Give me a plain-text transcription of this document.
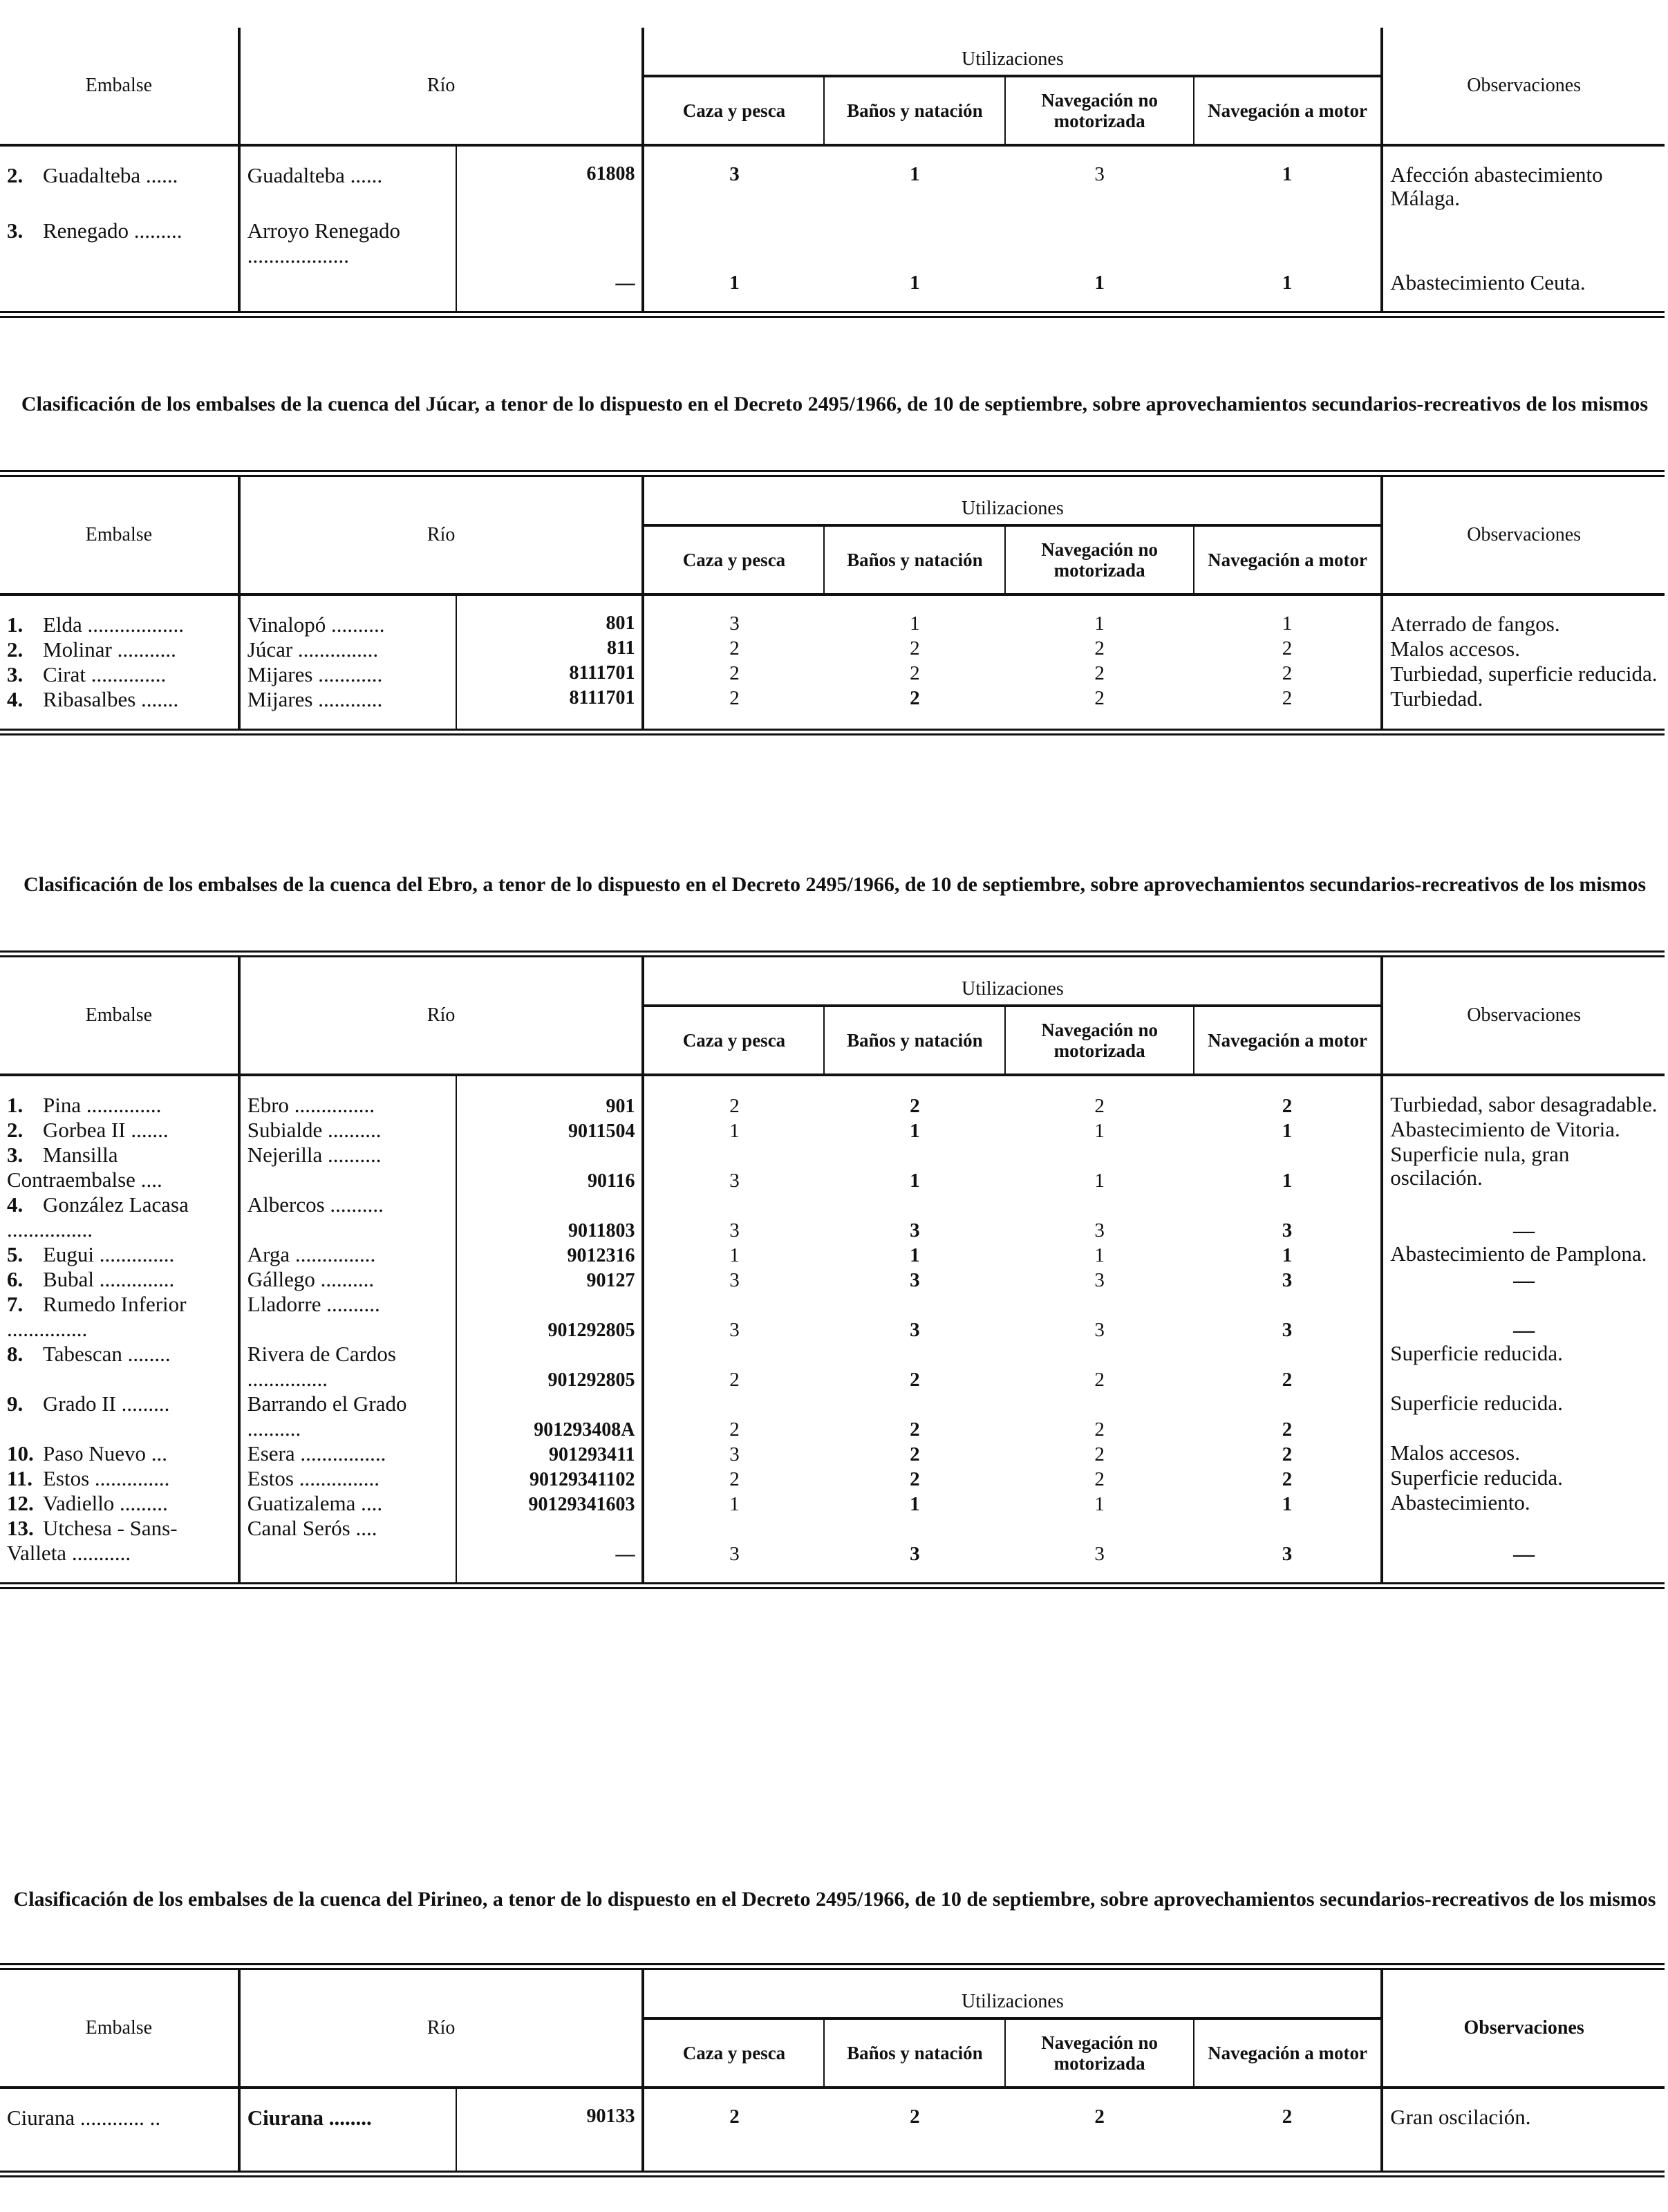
Embalse	Río		Utilizaciones				Observaciones
			Caza y pesca	Baños y natación	Navegación no motorizada	Navegación a motor	

2. Guadalteba ......	Guadalteba ......	61808	3	1	3	1	Afección abastecimiento Málaga.
3. Renegado .........	Arroyo Renegado ...................	—	1	1	1	1	Abastecimiento Ceuta.

Clasificación de los embalses de la cuenca del Júcar, a tenor de lo dispuesto en el Decreto 2495/1966, de 10 de septiembre, sobre aprovechamientos secundarios-recreativos de los mismos
Embalse	Río		Utilizaciones				Observaciones
			Caza y pesca	Baños y natación	Navegación no motorizada	Navegación a motor	

1. Elda ..................	Vinalopó ..........	801	3	1	1	1	Aterrado de fangos.
2. Molinar ...........	Júcar ...............	811	2	2	2	2	Malos accesos.
3. Cirat ..............	Mijares ............	8111701	2	2	2	2	Turbiedad, superficie reducida.
4. Ribasalbes .......	Mijares ............	8111701	2	2	2	2	Turbiedad.

Clasificación de los embalses de la cuenca del Ebro, a tenor de lo dispuesto en el Decreto 2495/1966, de 10 de septiembre, sobre aprovechamientos secundarios-recreativos de los mismos
Embalse	Río		Utilizaciones				Observaciones
			Caza y pesca	Baños y natación	Navegación no motorizada	Navegación a motor	

1. Pina ..............	Ebro ...............	901	2	2	2	2	Turbiedad, sabor desagradable.
2. Gorbea II .......	Subialde ..........	9011504	1	1	1	1	Abastecimiento de Vitoria.
3. Mansilla Contraembalse ....	Nejerilla ..........	90116	3	1	1	1	Superficie nula, gran oscilación.
4. González Lacasa ................	Albercos ..........	9011803	3	3	3	3	—
5. Eugui ..............	Arga ...............	9012316	1	1	1	1	Abastecimiento de Pamplona.
6. Bubal ..............	Gállego ..........	90127	3	3	3	3	—
7. Rumedo Inferior ...............	Lladorre ..........	901292805	3	3	3	3	—
8. Tabescan ........	Rivera de Cardos ...............	901292805	2	2	2	2	Superficie reducida.
9. Grado II .........	Barrando el Grado ..........	901293408A	2	2	2	2	Superficie reducida.
10. Paso Nuevo ...	Esera ................	901293411	3	2	2	2	Malos accesos.
11. Estos ..............	Estos ...............	90129341102	2	2	2	2	Superficie reducida.
12. Vadiello .........	Guatizalema ....	90129341603	1	1	1	1	Abastecimiento.
13. Utchesa - Sans-Valleta ...........	Canal Serós ....	—	3	3	3	3	—

Clasificación de los embalses de la cuenca del Pirineo, a tenor de lo dispuesto en el Decreto 2495/1966, de 10 de septiembre, sobre aprovechamientos secundarios-recreativos de los mismos
Embalse	Río		Utilizaciones				Observaciones
			Caza y pesca	Baños y natación	Navegación no motorizada	Navegación a motor	

Ciurana ............ ..	Ciurana ........	90133	2	2	2	2	Gran oscilación.
